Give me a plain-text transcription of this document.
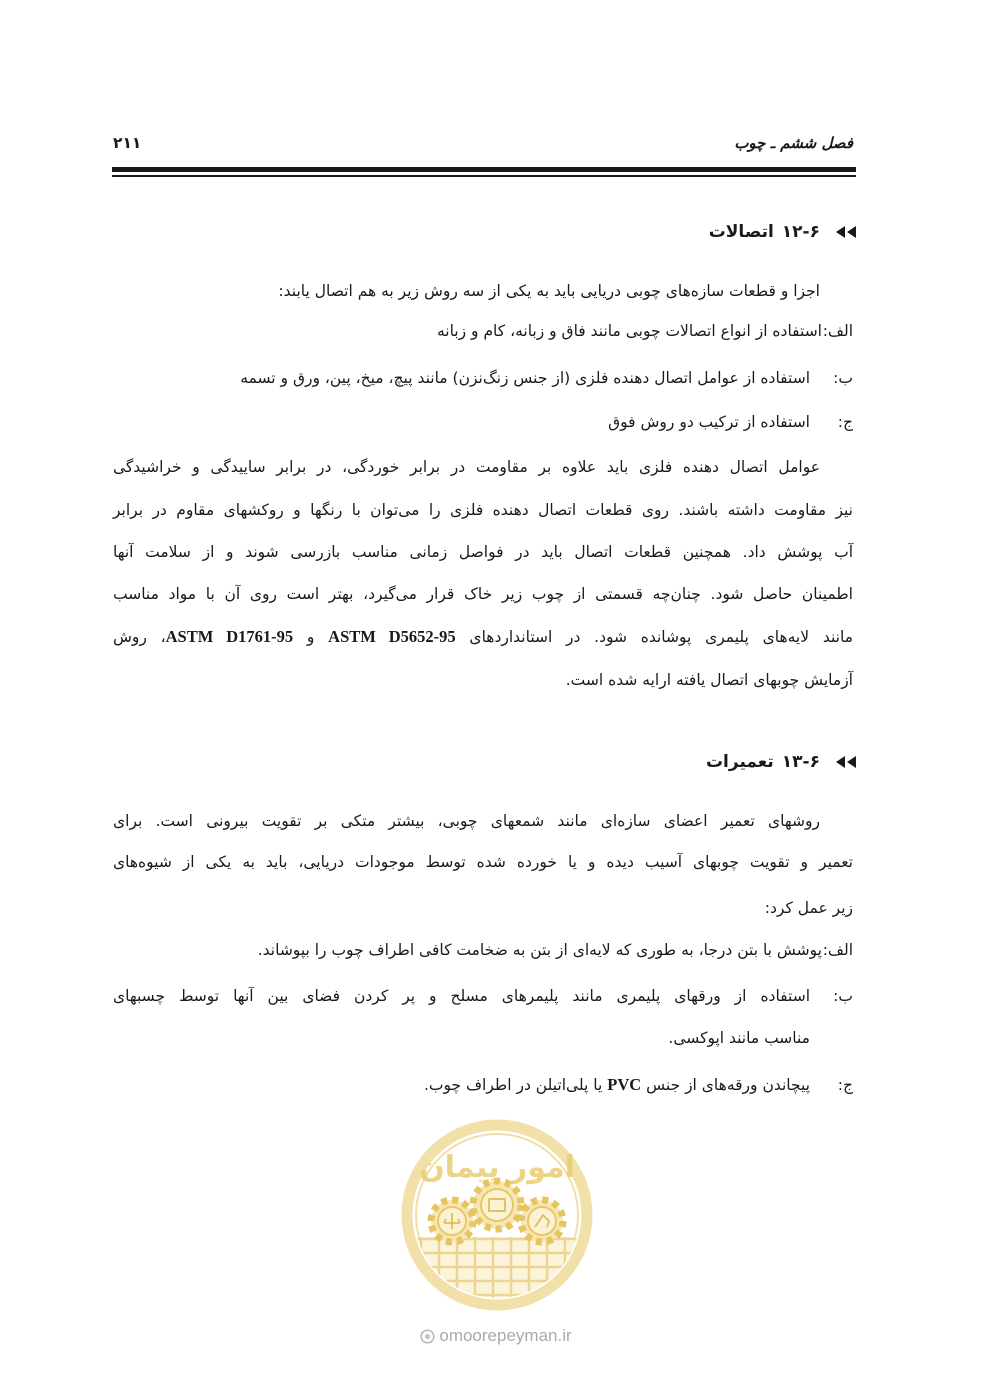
فصل ششم ـ چوب
۲۱۱
۶
-
۱۲
اتصالات
اجزا و قطعات سازه‌های چوبی دریایی باید به یکی از سه روش زیر به هم اتصال یابند:
الف:
استفاده از انواع اتصالات چوبی مانند فاق و زبانه، کام و زبانه
ب:
استفاده از عوامل اتصال دهنده فلزی (از جنس زنگ‌نزن) مانند پیچ، میخ، پین، ورق و تسمه
ج:
استفاده از ترکیب دو روش فوق
عوامل اتصال دهنده فلزی باید علاوه بر مقاومت در برابر خوردگی، در برابر ساییدگی و خراشیدگی
نیز مقاومت داشته باشند. روی قطعات اتصال دهنده فلزی را می‌توان با رنگها و روکشهای مقاوم در برابر
آب پوشش داد. همچنین قطعات اتصال باید در فواصل زمانی مناسب بازرسی شوند و از سلامت آنها
اطمینان حاصل شود. چنان‌چه قسمتی از چوب زیر خاک قرار می‌گیرد، بهتر است روی آن با مواد مناسب
مانند لایه‌های پلیمری پوشانده شود. در استانداردهای ASTM D5652-95 و ASTM D1761-95، روش
آزمایش چوبهای اتصال یافته ارایه شده است.
۶
-
۱۳
تعمیرات
روشهای تعمیر اعضای سازه‌ای مانند شمعهای چوبی، بیشتر متکی بر تقویت بیرونی است. برای
تعمیر و تقویت چوبهای آسیب دیده و یا خورده شده توسط موجودات دریایی، باید به یکی از شیوه‌های
زیر عمل کرد:
الف:
پوشش با بتن درجا، به طوری که لایه‌ای از بتن به ضخامت کافی اطراف چوب را بپوشاند.
ب:
استفاده از ورقهای پلیمری مانند پلیمرهای مسلح و پر کردن فضای بین آنها توسط چسبهای
مناسب مانند اپوکسی.
ج:
پیچاندن ورقه‌های از جنس PVC یا پلی‌اتیلن در اطراف چوب.
امور پیمان
omoorepeyman.ir
